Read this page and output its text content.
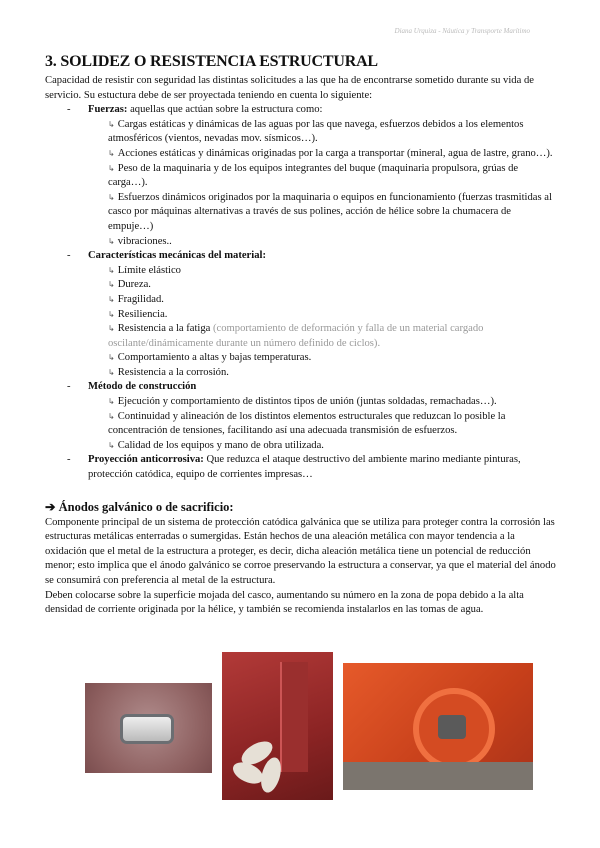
Diana Urquiza - Náutica y Transporte Marítimo
3. SOLIDEZ O RESISTENCIA ESTRUCTURAL

Capacidad de resistir con seguridad las distintas solicitudes a las que ha de encontrarse sometido durante su vida de servicio. Su estuctura debe de ser proyectada teniendo en cuenta lo siguiente:

- Fuerzas: aquellas que actúan sobre la estructura como:
↳ Cargas estáticas y dinámicas de las aguas por las que navega, esfuerzos debidos a los elementos atmosféricos (vientos, nevadas mov. sísmicos…).
↳ Acciones estáticas y dinámicas originadas por la carga a transportar (mineral, agua de lastre, grano…).
↳ Peso de la maquinaria y de los equipos integrantes del buque (maquinaria propulsora, grúas de carga…).
↳ Esfuerzos dinámicos originados por la maquinaria o equipos en funcionamiento (fuerzas trasmitidas al casco por máquinas alternativas a través de sus polines, acción de hélice sobre la chumacera de empuje…)
↳ vibraciones..
- Características mecánicas del material:
↳ Límite elástico
↳ Dureza.
↳ Fragilidad.
↳ Resiliencia.
↳ Resistencia a la fatiga (comportamiento de deformación y falla de un material cargado oscilante/dinámicamente durante un número definido de ciclos).
↳ Comportamiento a altas y bajas temperaturas.
↳ Resistencia a la corrosión.
- Método de construcción
↳ Ejecución y comportamiento de distintos tipos de unión (juntas soldadas, remachadas…).
↳ Continuidad y alineación de los distintos elementos estructurales que reduzcan lo posible la concentración de tensiones, facilitando así una adecuada transmisión de esfuerzos.
↳ Calidad de los equipos y mano de obra utilizada.
- Proyección anticorrosiva: Que reduzca el ataque destructivo del ambiente marino mediante pinturas, protección catódica, equipo de corrientes impresas…
➔ Ánodos galvánico o de sacrificio:

Componente principal de un sistema de protección catódica galvánica que se utiliza para proteger contra la corrosión las estructuras metálicas enterradas o sumergidas. Están hechos de una aleación metálica con mayor tendencia a la oxidación que el metal de la estructura a proteger, es decir, dicha aleación metálica tiene un potencial de reducción menor; esto implica que el ánodo galvánico se corroe preservando la estructura a conservar, ya que el material del ánodo se consumirá con preferencia al metal de la estructura.

Deben colocarse sobre la superficie mojada del casco, aumentando su número en la zona de popa debido a la alta densidad de corriente originada por la hélice, y también se recomienda instalarlos en las tomas de agua.
